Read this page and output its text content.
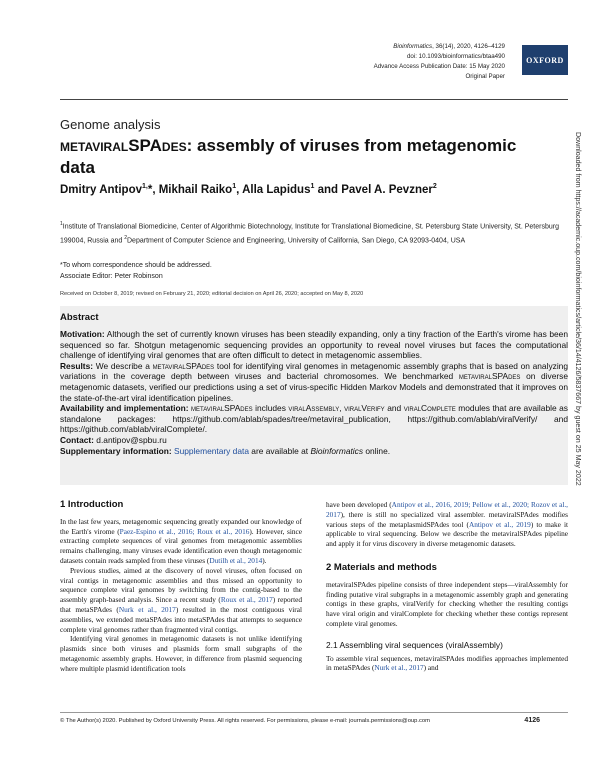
Bioinformatics, 36(14), 2020, 4126–4129
doi: 10.1093/bioinformatics/btaa490
Advance Access Publication Date: 15 May 2020
Original Paper
OXFORD
Genome analysis
metaviralSPAdes: assembly of viruses from metagenomic data
Dmitry Antipov$^{1,}$*, Mikhail Raiko$^1$, Alla Lapidus$^1$ and Pavel A. Pevzner$^2$
$^1$Institute of Translational Biomedicine, Center of Algorithmic Biotechnology, Institute for Translational Biomedicine, St. Petersburg State University, St. Petersburg 199004, Russia and $^2$Department of Computer Science and Engineering, University of California, San Diego, CA 92093-0404, USA
*To whom correspondence should be addressed.
Associate Editor: Peter Robinson
Received on October 8, 2019; revised on February 21, 2020; editorial decision on April 26, 2020; accepted on May 8, 2020
Abstract

Motivation: Although the set of currently known viruses has been steadily expanding, only a tiny fraction of the Earth's virome has been sequenced so far. Shotgun metagenomic sequencing provides an opportunity to reveal novel viruses but faces the computational challenge of identifying viral genomes that are often difficult to detect in metagenomic assemblies.

Results: We describe a metaviralSPAdes tool for identifying viral genomes in metagenomic assembly graphs that is based on analyzing variations in the coverage depth between viruses and bacterial chromosomes. We benchmarked metaviralSPAdes on diverse metagenomic datasets, verified our predictions using a set of virus-specific Hidden Markov Models and demonstrated that it improves on the state-of-the-art viral identification pipelines.

Availability and implementation: metaviralSPAdes includes viralAssembly, viralVerify and viralComplete modules that are available as standalone packages: https://github.com/ablab/spades/tree/metaviral_publication, https://github.com/ablab/viralVerify/ and https://github.com/ablab/viralComplete/.

Contact: d.antipov@spbu.ru

Supplementary information: Supplementary data are available at Bioinformatics online.

1 Introduction

In the last few years, metagenomic sequencing greatly expanded our knowledge of the Earth's virome (Paez-Espino et al., 2016; Roux et al., 2016). However, since extracting complete sequences of viral genomes from metagenomic assemblies remains challenging, many viruses evade identification even though metagenomic datasets contain reads sampled from these viruses (Dutilh et al., 2014).

Previous studies, aimed at the discovery of novel viruses, often focused on viral contigs in metagenomic assemblies and thus missed an opportunity to sequence complete viral genomes by switching from the contig-based to the assembly graph-based analysis. Since a recent study (Roux et al., 2017) reported that metaSPAdes (Nurk et al., 2017) resulted in the most contiguous viral assemblies, we extended metaSPAdes into metaSPAdes that attempts to sequence complete viral genomes rather than fragmented viral contigs.

Identifying viral genomes in metagenomic datasets is not unlike identifying plasmids since both viruses and plasmids form small subgraphs of the metagenomic assembly graphs. However, in difference from plasmid sequencing where multiple plasmid identification tools

have been developed (Antipov et al., 2016, 2019; Pellow et al., 2020; Rozov et al., 2017), there is still no specialized viral assembler. metaviralSPAdes modifies various steps of the metaplasmidSPAdes tool (Antipov et al., 2019) to make it applicable to viral sequencing. Below we describe the metaviralSPAdes pipeline and apply it for virus discovery in diverse metagenomic datasets.

2 Materials and methods

metaviralSPAdes pipeline consists of three independent steps—viralAssembly for finding putative viral subgraphs in a metagenomic assembly graph and generating contigs in these graphs, viralVerify for checking whether the resulting contigs have viral origin and viralComplete for checking whether these contigs represent complete viral genomes.

2.1 Assembling viral sequences (viralAssembly)

To assemble viral sequences, metaviralSPAdes modifies approaches implemented in metaSPAdes (Nurk et al., 2017) and

© The Author(s) 2020. Published by Oxford University Press. All rights reserved. For permissions, please e-mail: journals.permissions@oup.com	4126
Downloaded from https://academic.oup.com/bioinformatics/article/36/14/4126/5837667 by guest on 25 May 2022
